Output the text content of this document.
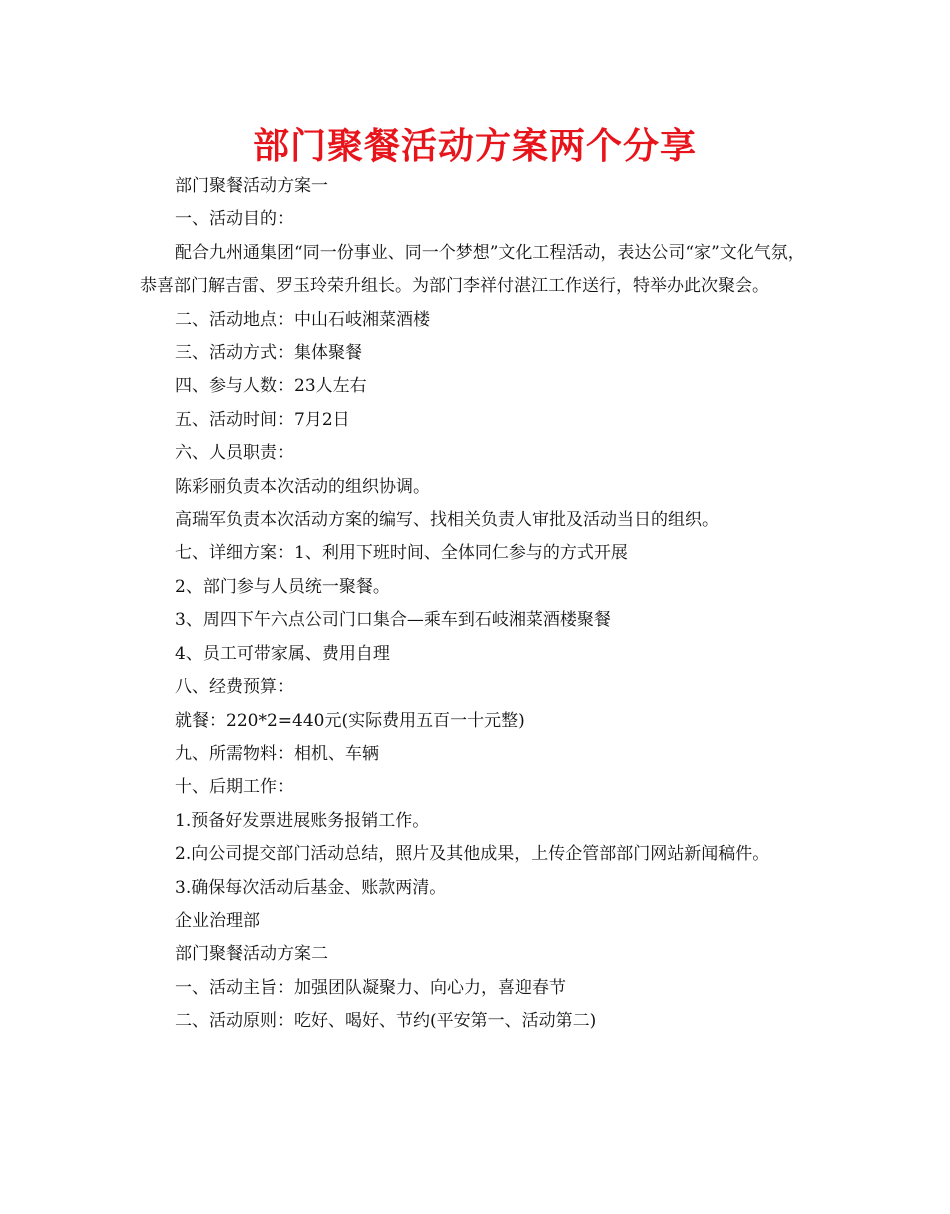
部门聚餐活动方案两个分享

部门聚餐活动方案一

一、活动目的：

配合九州通集团“同一份事业、同一个梦想”文化工程活动，表达公司“家”文化气氛，恭喜部门解吉雷、罗玉玲荣升组长。为部门李祥付湛江工作送行，特举办此次聚会。

二、活动地点：中山石岐湘菜酒楼

三、活动方式：集体聚餐

四、参与人数：23人左右

五、活动时间：7月2日

六、人员职责：

陈彩丽负责本次活动的组织协调。

高瑞军负责本次活动方案的编写、找相关负责人审批及活动当日的组织。

七、详细方案：1、利用下班时间、全体同仁参与的方式开展

2、部门参与人员统一聚餐。

3、周四下午六点公司门口集合—乘车到石岐湘菜酒楼聚餐

4、员工可带家属、费用自理

八、经费预算：

就餐：220*2=440元(实际费用五百一十元整)

九、所需物料：相机、车辆

十、后期工作：

1.预备好发票进展账务报销工作。

2.向公司提交部门活动总结，照片及其他成果，上传企管部部门网站新闻稿件。

3.确保每次活动后基金、账款两清。

企业治理部

部门聚餐活动方案二

一、活动主旨：加强团队凝聚力、向心力，喜迎春节

二、活动原则：吃好、喝好、节约(平安第一、活动第二)
